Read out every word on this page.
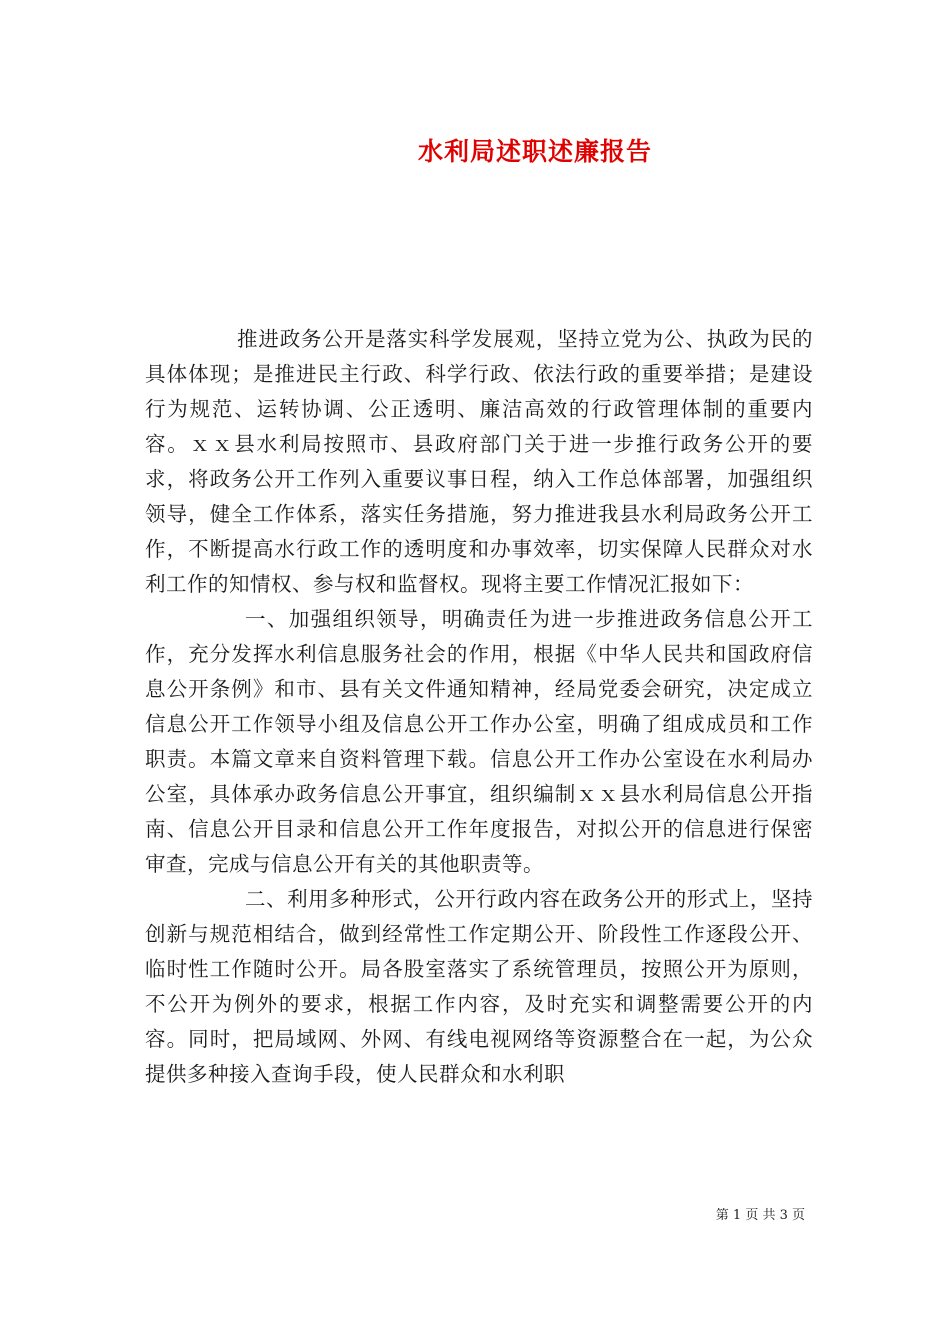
水利局述职述廉报告

推进政务公开是落实科学发展观，坚持立党为公、执政为民的具体体现；是推进民主行政、科学行政、依法行政的重要举措；是建设行为规范、运转协调、公正透明、廉洁高效的行政管理体制的重要内容。ｘｘ县水利局按照市、县政府部门关于进一步推行政务公开的要求，将政务公开工作列入重要议事日程，纳入工作总体部署，加强组织领导，健全工作体系，落实任务措施，努力推进我县水利局政务公开工作，不断提高水行政工作的透明度和办事效率，切实保障人民群众对水利工作的知情权、参与权和监督权。现将主要工作情况汇报如下：

一、加强组织领导，明确责任为进一步推进政务信息公开工作，充分发挥水利信息服务社会的作用，根据《中华人民共和国政府信息公开条例》和市、县有关文件通知精神，经局党委会研究，决定成立信息公开工作领导小组及信息公开工作办公室，明确了组成成员和工作职责。本篇文章来自资料管理下载。信息公开工作办公室设在水利局办公室，具体承办政务信息公开事宜，组织编制ｘｘ县水利局信息公开指南、信息公开目录和信息公开工作年度报告，对拟公开的信息进行保密审查，完成与信息公开有关的其他职责等。

二、利用多种形式，公开行政内容在政务公开的形式上，坚持创新与规范相结合，做到经常性工作定期公开、阶段性工作逐段公开、临时性工作随时公开。局各股室落实了系统管理员，按照公开为原则，不公开为例外的要求，根据工作内容，及时充实和调整需要公开的内容。同时，把局域网、外网、有线电视网络等资源整合在一起，为公众提供多种接入查询手段，使人民群众和水利职

第 1 页 共 3 页
